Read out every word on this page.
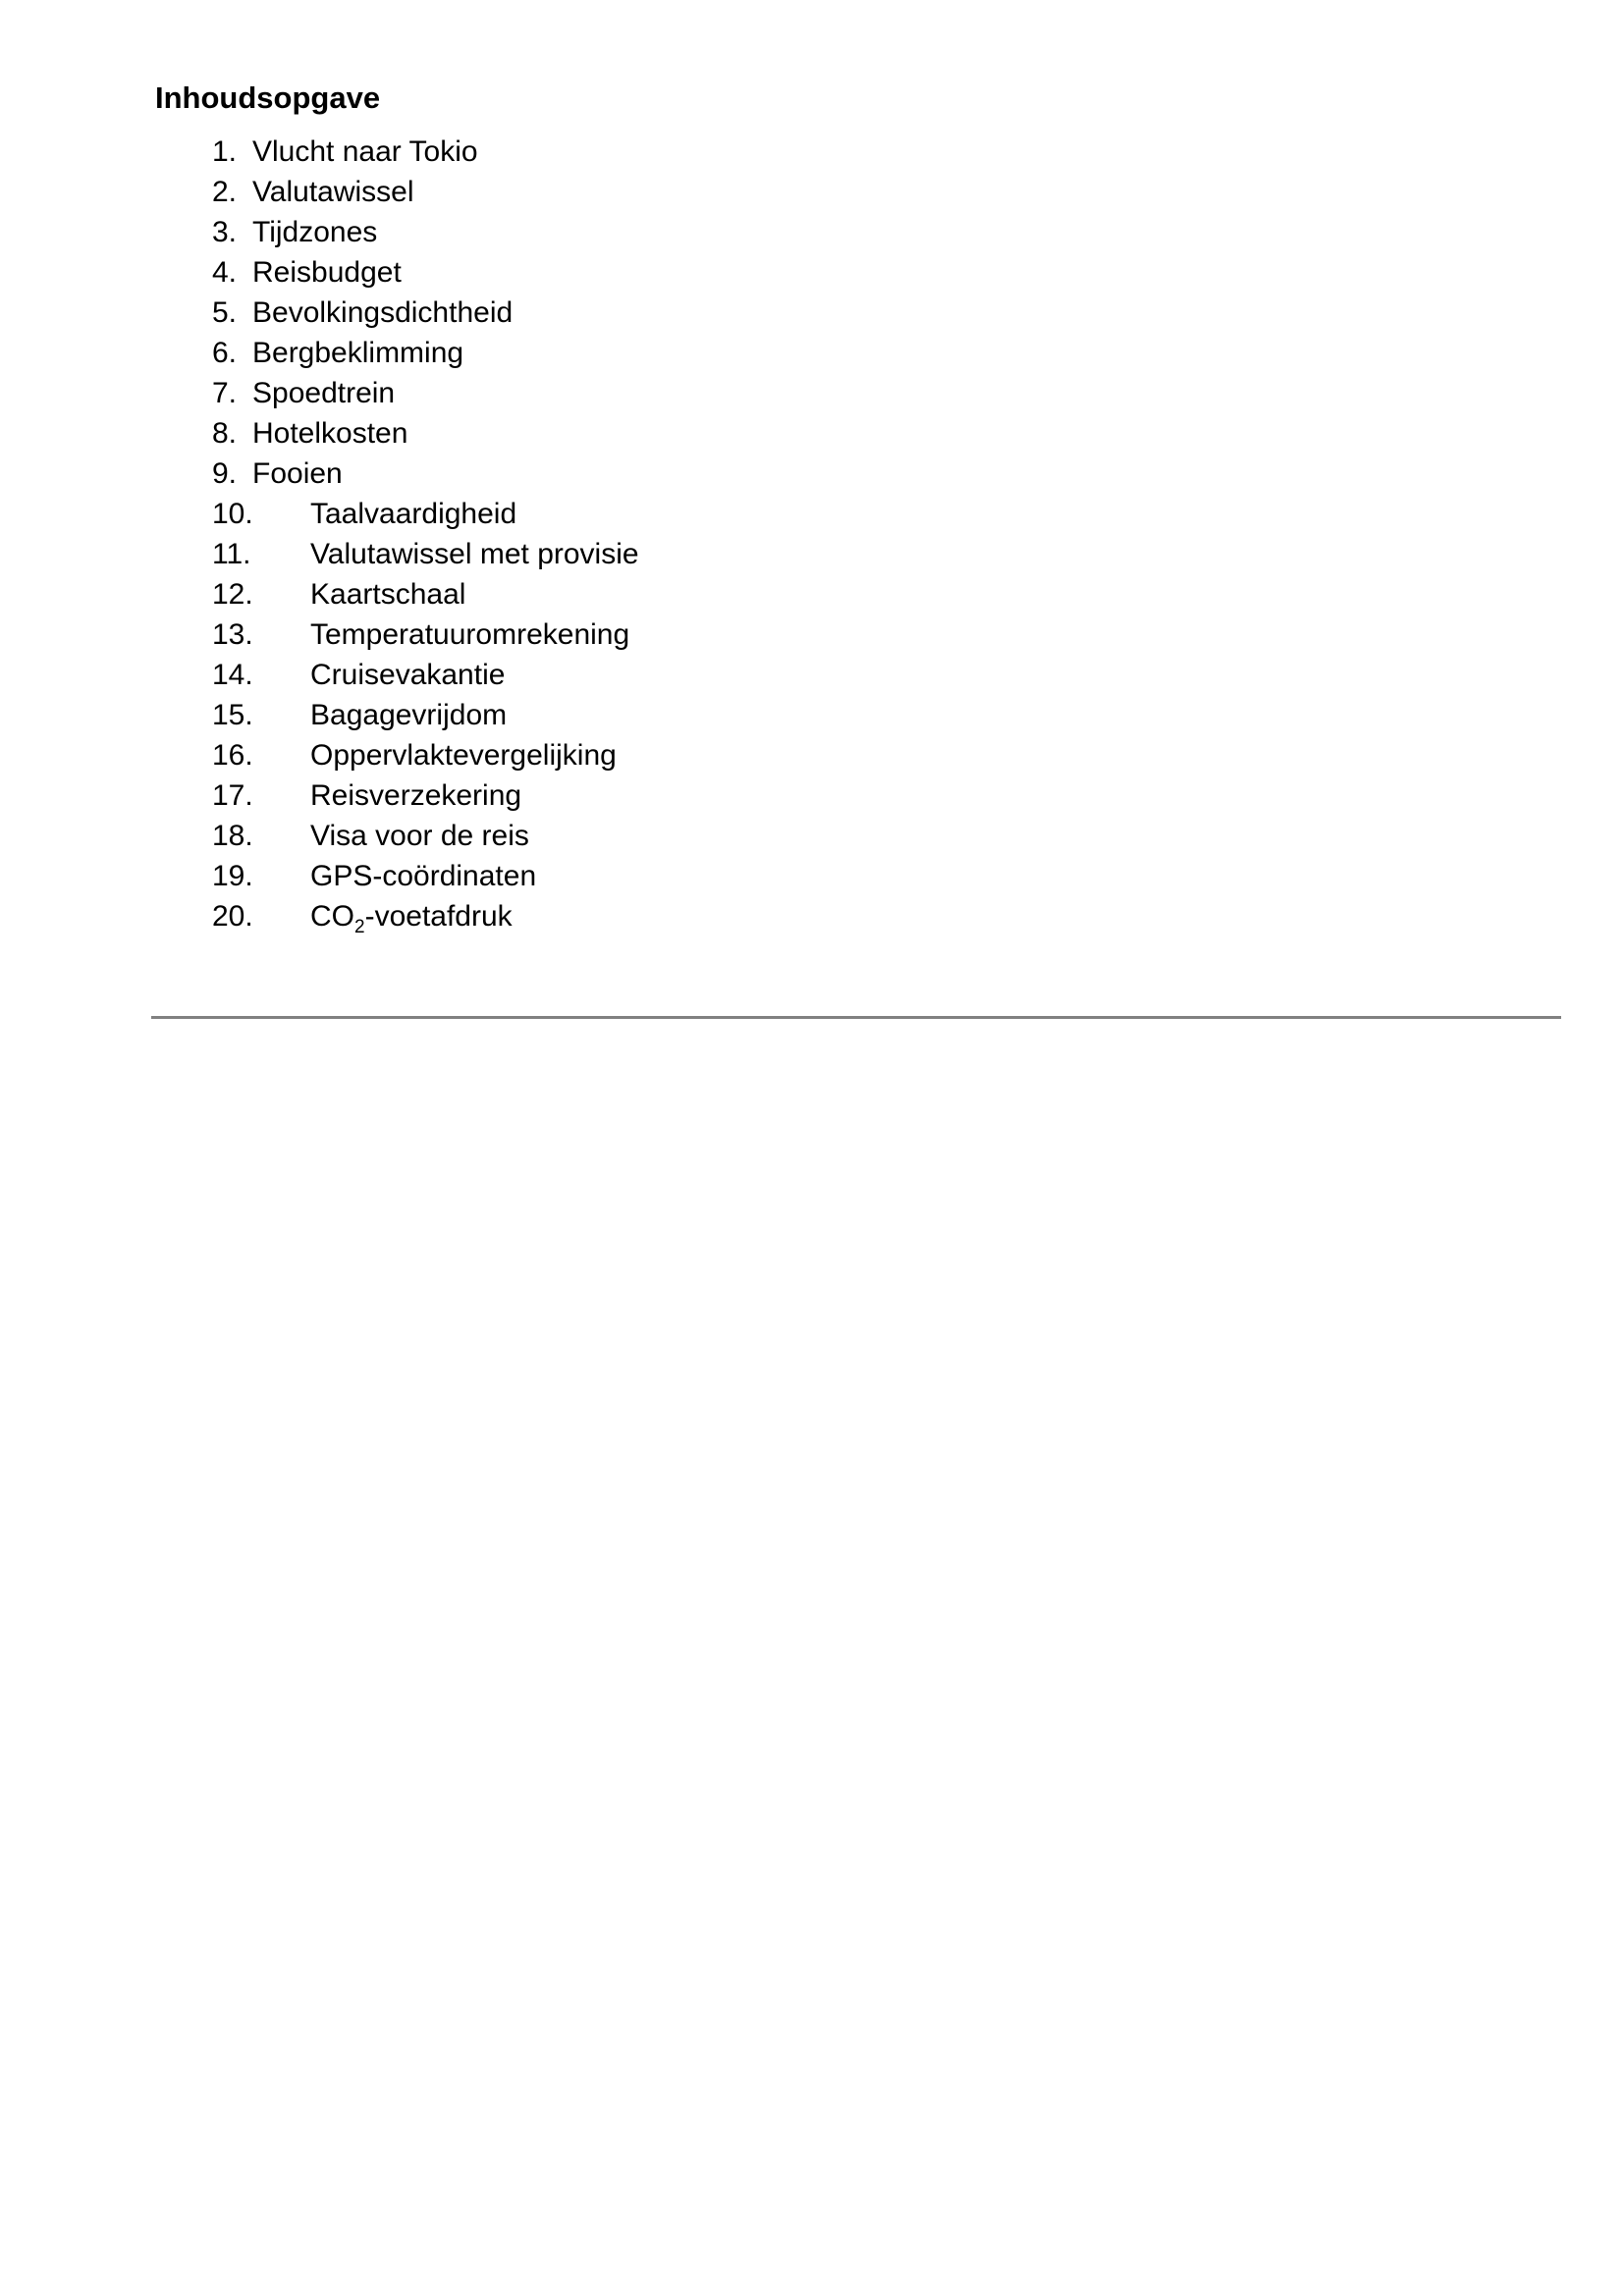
Inhoudsopgave
1. Vlucht naar Tokio
2. Valutawissel
3. Tijdzones
4. Reisbudget
5. Bevolkingsdichtheid
6. Bergbeklimming
7. Spoedtrein
8. Hotelkosten
9. Fooien
10. Taalvaardigheid
11. Valutawissel met provisie
12. Kaartschaal
13. Temperatuuromrekening
14. Cruisevakantie
15. Bagagevrijdom
16. Oppervlaktevergelijking
17. Reisverzekering
18. Visa voor de reis
19. GPS-coördinaten
20. $CO_2$-voetafdruk
